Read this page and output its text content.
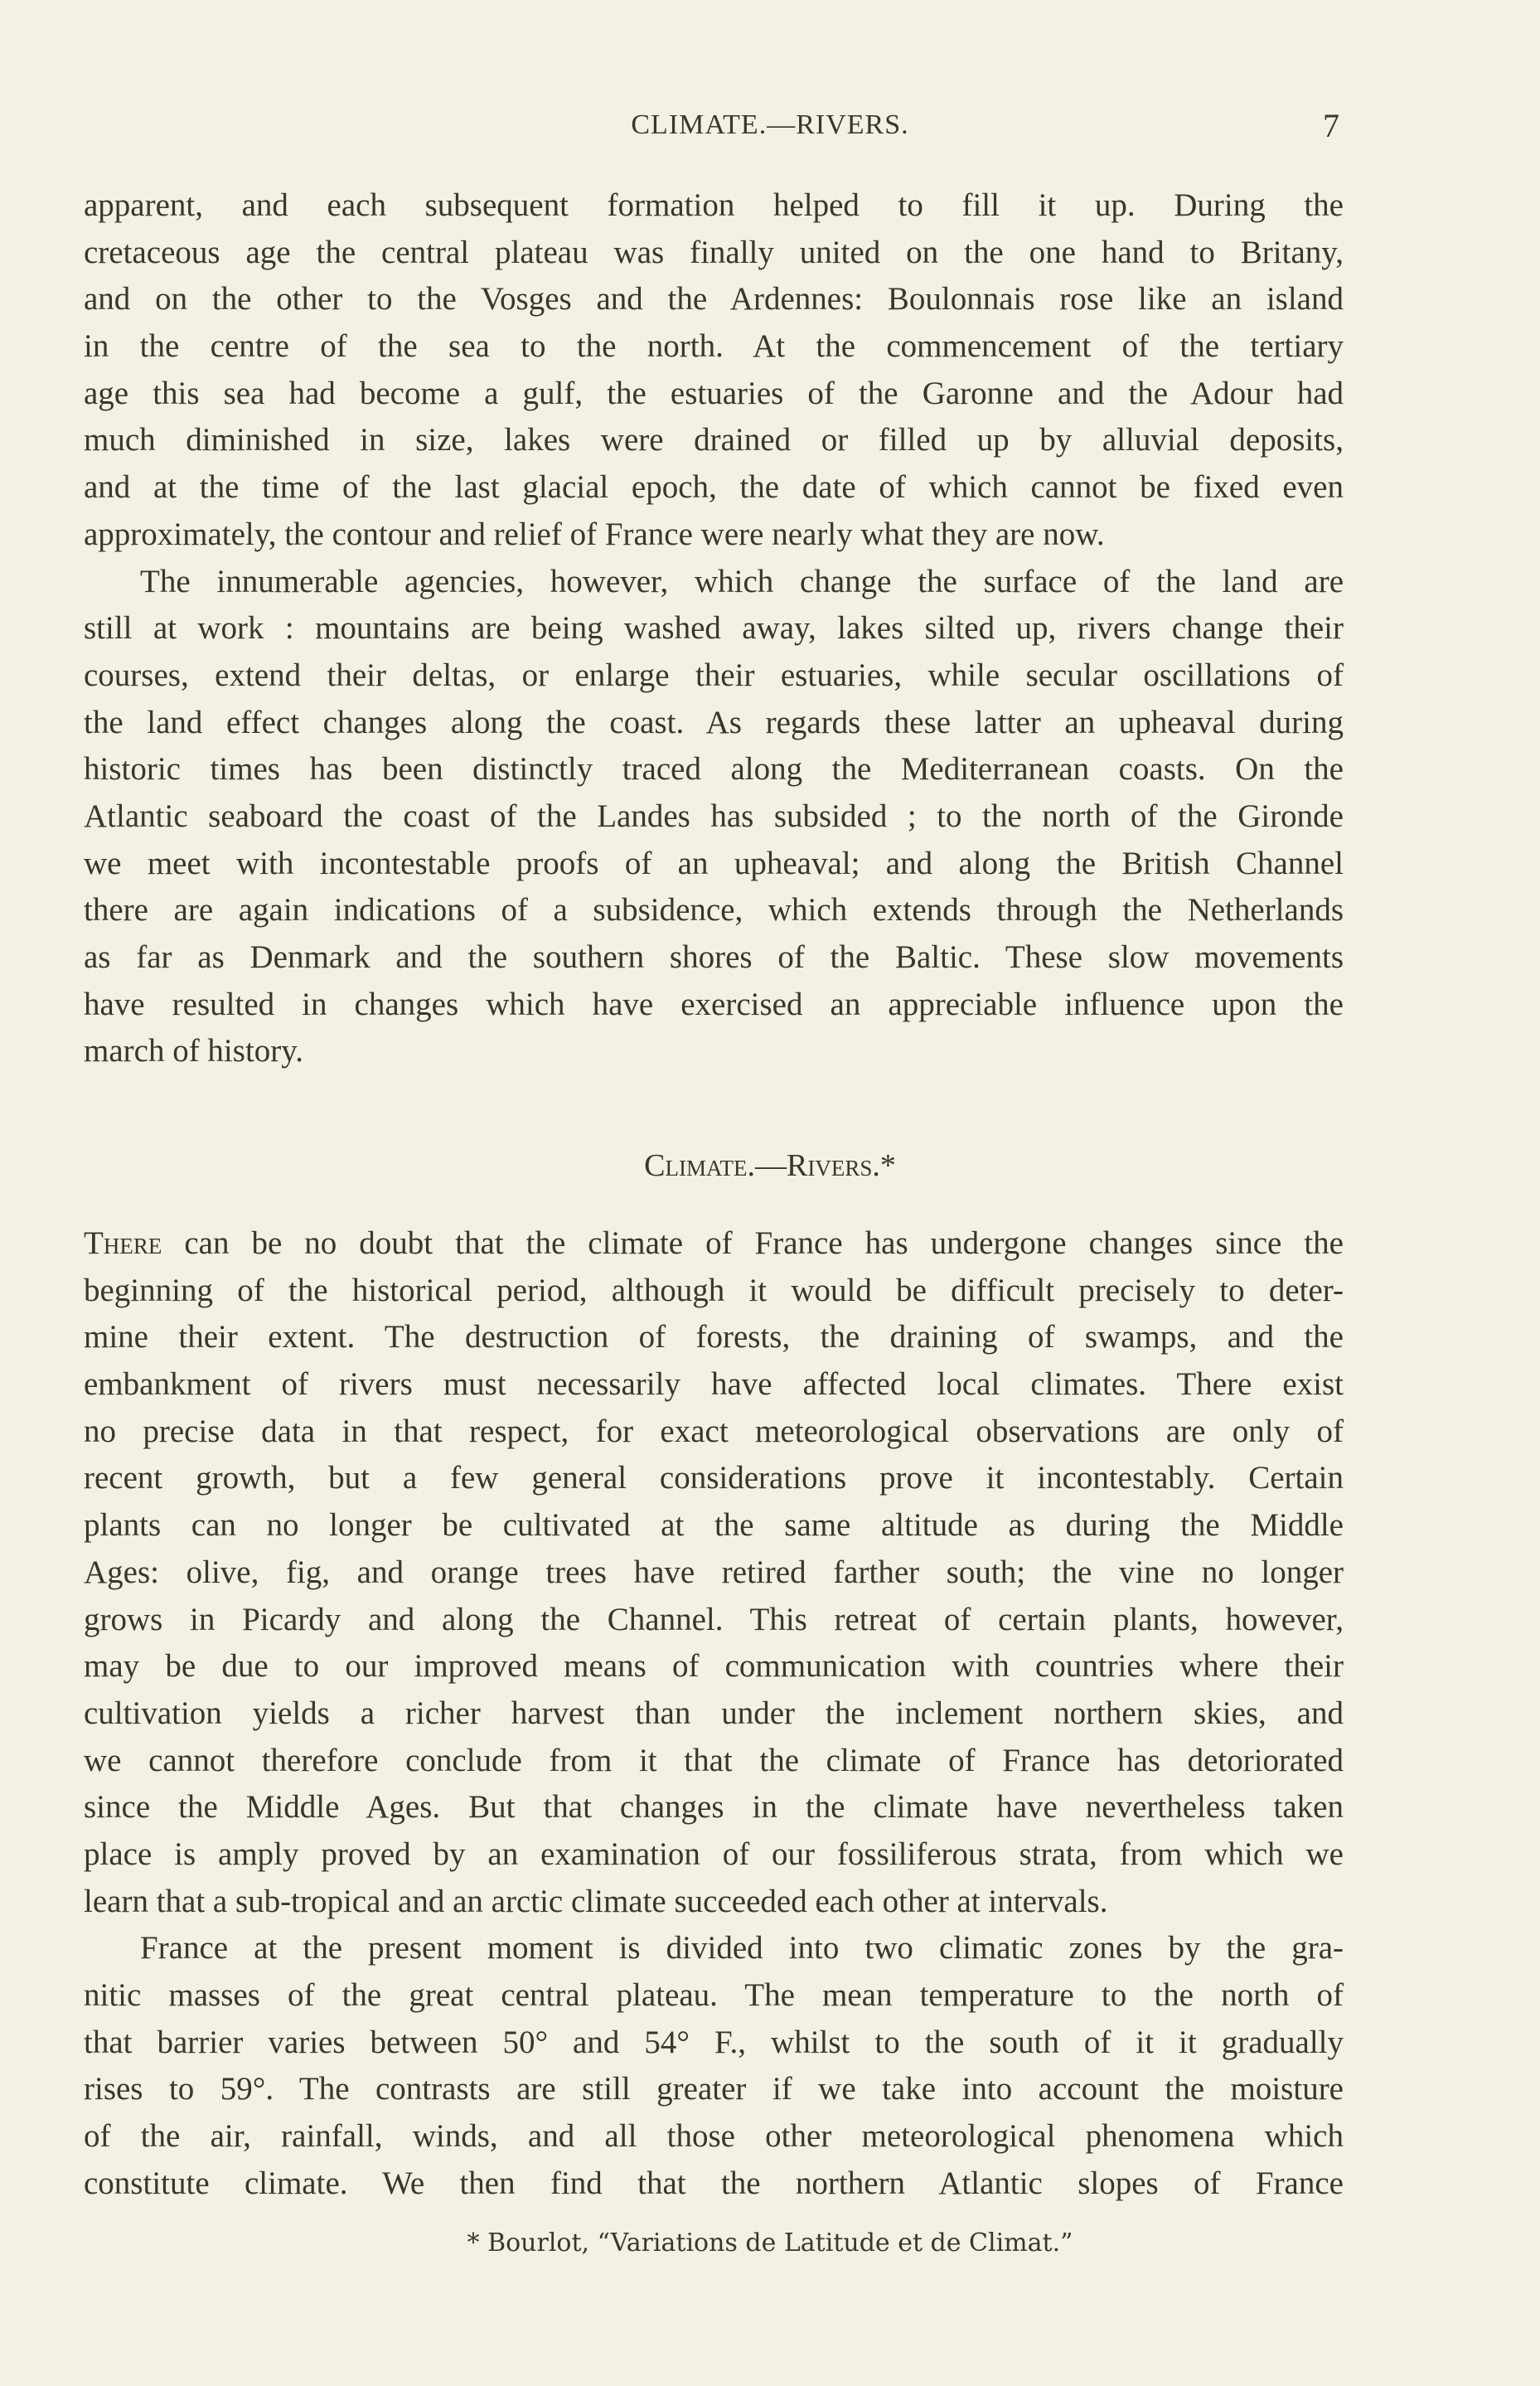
CLIMATE.—RIVERS.	7
apparent, and each subsequent formation helped to fill it up. During the
cretaceous age the central plateau was finally united on the one hand to Britany,
and on the other to the Vosges and the Ardennes: Boulonnais rose like an island
in the centre of the sea to the north. At the commencement of the tertiary
age this sea had become a gulf, the estuaries of the Garonne and the Adour had
much diminished in size, lakes were drained or filled up by alluvial deposits,
and at the time of the last glacial epoch, the date of which cannot be fixed even
approximately, the contour and relief of France were nearly what they are now.
The innumerable agencies, however, which change the surface of the land are
still at work : mountains are being washed away, lakes silted up, rivers change their
courses, extend their deltas, or enlarge their estuaries, while secular oscillations of
the land effect changes along the coast. As regards these latter an upheaval during
historic times has been distinctly traced along the Mediterranean coasts. On the
Atlantic seaboard the coast of the Landes has subsided ; to the north of the Gironde
we meet with incontestable proofs of an upheaval; and along the British Channel
there are again indications of a subsidence, which extends through the Netherlands
as far as Denmark and the southern shores of the Baltic. These slow movements
have resulted in changes which have exercised an appreciable influence upon the
march of history.
Climate.—Rivers.*
There can be no doubt that the climate of France has undergone changes since the
beginning of the historical period, although it would be difficult precisely to deter-
mine their extent. The destruction of forests, the draining of swamps, and the
embankment of rivers must necessarily have affected local climates. There exist
no precise data in that respect, for exact meteorological observations are only of
recent growth, but a few general considerations prove it incontestably. Certain
plants can no longer be cultivated at the same altitude as during the Middle
Ages: olive, fig, and orange trees have retired farther south; the vine no longer
grows in Picardy and along the Channel. This retreat of certain plants, however,
may be due to our improved means of communication with countries where their
cultivation yields a richer harvest than under the inclement northern skies, and
we cannot therefore conclude from it that the climate of France has detoriorated
since the Middle Ages. But that changes in the climate have nevertheless taken
place is amply proved by an examination of our fossiliferous strata, from which we
learn that a sub-tropical and an arctic climate succeeded each other at intervals.
France at the present moment is divided into two climatic zones by the gra-
nitic masses of the great central plateau. The mean temperature to the north of
that barrier varies between 50° and 54° F., whilst to the south of it it gradually
rises to 59°. The contrasts are still greater if we take into account the moisture
of the air, rainfall, winds, and all those other meteorological phenomena which
constitute climate. We then find that the northern Atlantic slopes of France
* Bourlot, “Variations de Latitude et de Climat.”
